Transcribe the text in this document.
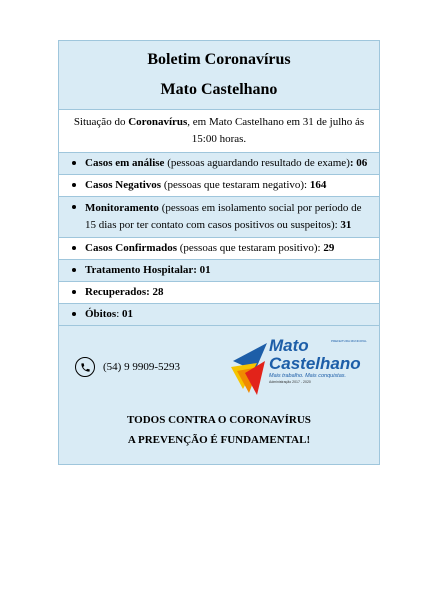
Boletim Coronavírus
Mato Castelhano
Situação do Coronavírus, em Mato Castelhano em 31 de julho ás
15:00 horas.
Casos em análise (pessoas aguardando resultado de exame): 06
Casos Negativos (pessoas que testaram negativo): 164
Monitoramento (pessoas em isolamento social por período de
15 dias por ter contato com casos positivos ou suspeitos): 31
Casos Confirmados (pessoas que testaram positivo): 29
Tratamento Hospitalar: 01
Recuperados: 28
Óbitos: 01
(54) 9 9909-5293
PREFEITURA MUNICIPAL
Mato
Castelhano
Mais trabalho. Mais conquistas.
Administração 2017 - 2020
TODOS CONTRA O CORONAVÍRUS
A PREVENÇÃO É FUNDAMENTAL!
